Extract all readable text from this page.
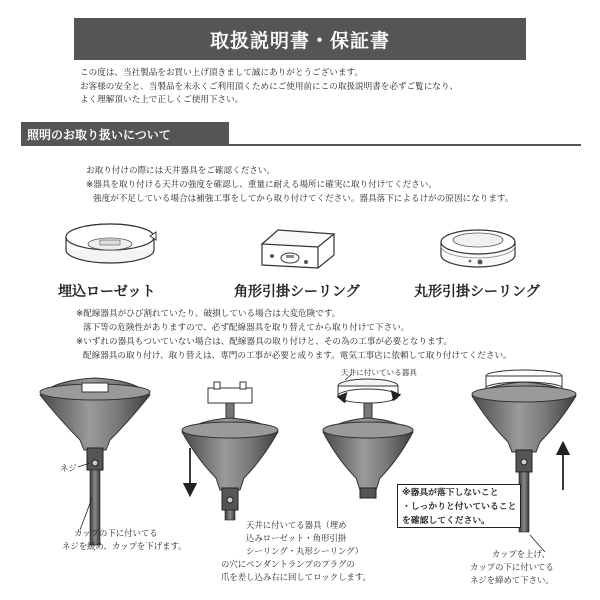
取扱説明書・保証書
この度は、当社製品をお買い上げ頂きまして誠にありがとうございます。
お客様の安全と、当製品を末永くご利用頂くためにご使用前にこの取扱説明書を必ずご覧になり、
よく理解頂いた上で正しくご使用下さい。
照明のお取り扱いについて
お取り付けの際には天井器具をご確認ください。
※器具を取り付ける天井の強度を確認し、重量に耐える場所に確実に取り付けてください。
強度が不足している場合は補強工事をしてから取り付けてください。器具落下によるけがの原因になります。
埋込ローゼット	角形引掛シーリング	丸形引掛シーリング
※配線器具がひび割れていたり、破損している場合は大変危険です。
落下等の危険性がありますので、必ず配線器具を取り替えてから取り付けて下さい。
※いずれの器具もついていない場合は、配線器具の取り付けと、その為の工事が必要となります。
配線器具の取り付け、取り替えは、専門の工事が必要と成ります。電気工事店に依頼して取り付けてください。
ネジ
カップの下に付いてる
ネジを緩め、カップを下げます。
天井に付いている器具
天井に付いてる器具（埋め
込みローゼット・角形引掛
シーリング・丸形シーリング）
の穴にペンダントランプのプラグの
爪を差し込み右に回してロックします。
※器具が落下しないこと
・しっかりと付いていること
を確認してください。
カップを上げ、
カップの下に付いてる
ネジを締めて下さい。
